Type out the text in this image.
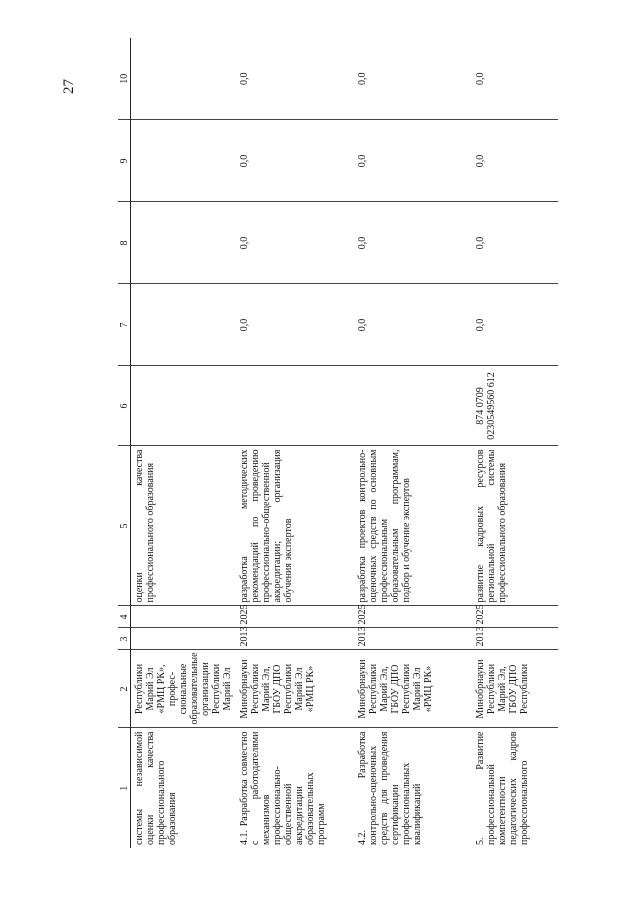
27
1	2	3	4	5	6	7	8	9	10
системы независимой оценки качества профессионального образования	Республики Марий Эл «РМЦ РК», профес-сиональные образовательные организации Республики Марий Эл			оценки качества профессионального образования					
4.1. Разработка совместно с работодателями механизмов профессионально-общественной аккредитации образовательных программ	Минобрнауки Республики Марий Эл, ГБОУ ДПО Республики Марий Эл «РМЦ РК»	2013	2025	разработка методических рекомендаций по проведению профессионально-общественной аккредитации; организация обучения экспертов		0,0	0,0	0,0	0,0
4.2. Разработка контрольно-оценочных средств для проведения сертификации профессиональных квалификаций	Минобрнауки Республики Марий Эл, ГБОУ ДПО Республики Марий Эл «РМЦ РК»	2013	2025	разработка проектов контрольно-оценочных средств по основным профессиональным образовательным программам, подбор и обучение экспертов		0,0	0,0	0,0	0,0
5. Развитие профессиональной компетентности педагогических кадров профессионального	Минобрнауки Республики Марий Эл, ГБОУ ДПО Республики	2013	2025	развитие кадровых ресурсов региональной системы профессионального образования	874 0709 0230549560 612	0,0	0,0	0,0	0,0
